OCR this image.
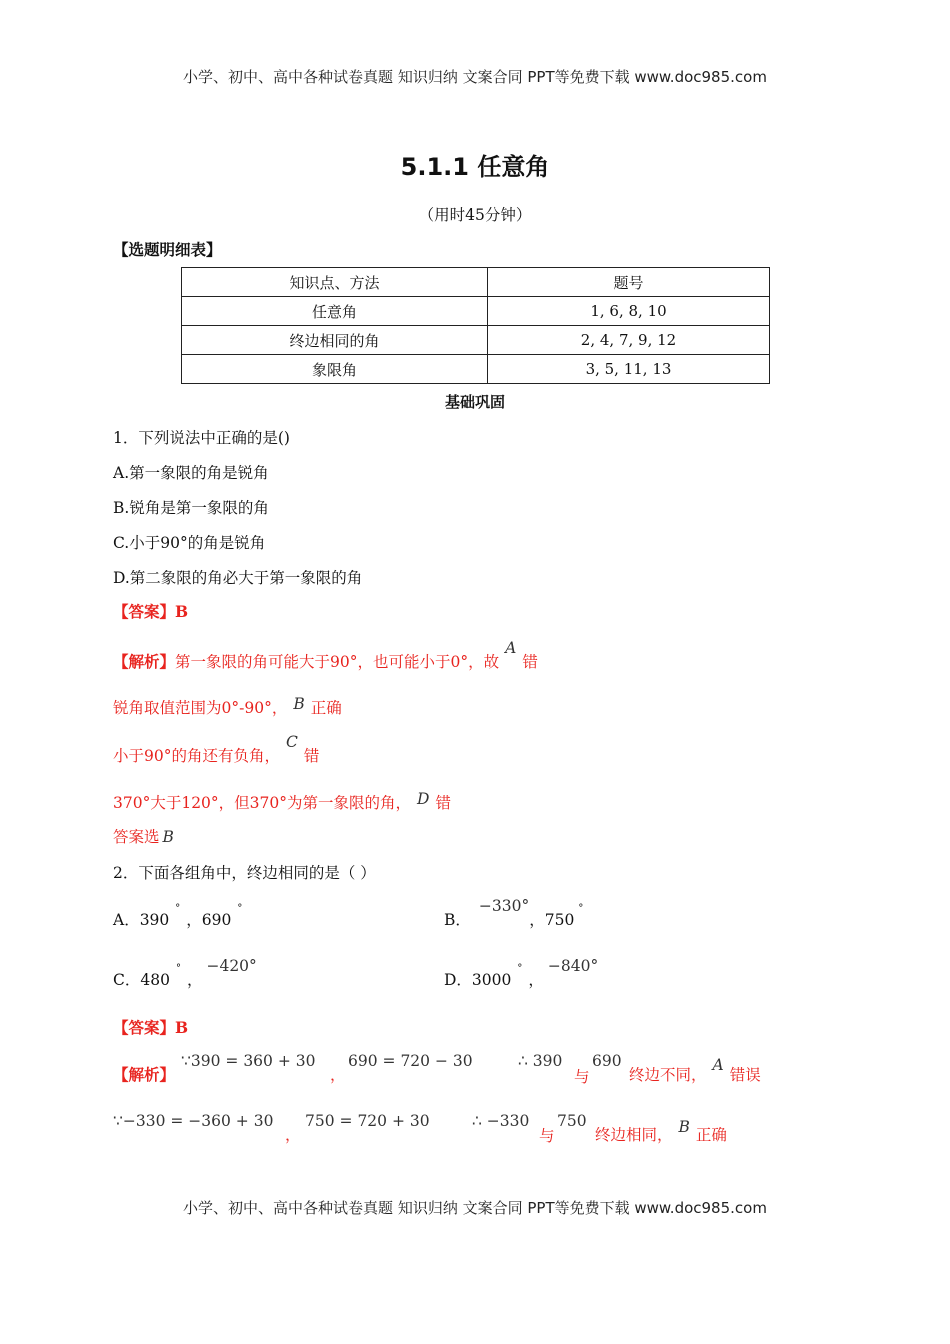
小学、初中、高中各种试卷真题 知识归纳 文案合同 PPT等免费下载 www.doc985.com
5.1.1 任意角
（用时45分钟）
【选题明细表】
知识点、方法	题号
任意角	1, 6, 8, 10
终边相同的角	2, 4, 7, 9, 12
象限角	3, 5, 11, 13
基础巩固
1．下列说法中正确的是()
A.第一象限的角是锐角
B.锐角是第一象限的角
C.小于90°的角是锐角
D.第二象限的角必大于第一象限的角
【答案】B
【解析】第一象限的角可能大于90°，也可能小于0°，故A错
锐角取值范围为0°-90°， B 正确
小于90°的角还有负角，C错
370°大于120°，但370°为第一象限的角， D 错
答案选 B
2．下面各组角中，终边相同的是（ ）
A．390°，690°
B．−330°，750°
C．480°，−420°
D．3000°，−840°
【答案】B
【解析】
∵390 = 360 + 30
，
690 = 720 − 30	∴ 390
与
690
终边不同，A错误
∵−330 = −360 + 30
，
750 = 720 + 30	∴ −330
与
750
终边相同， B 正确
小学、初中、高中各种试卷真题 知识归纳 文案合同 PPT等免费下载 www.doc985.com
